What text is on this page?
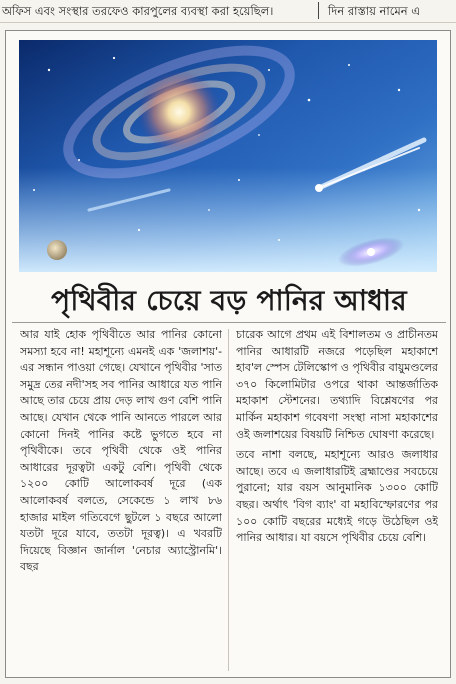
অফিস এবং সংস্থার তরফেও কারপুলের ব্যবস্থা করা হয়েছিল।	দিন রাস্তায় নামেন এ
পৃথিবীর চেয়ে বড় পানির আধার

আর যাই হোক পৃথিবীতে আর পানির কোনো সমস্যা হবে না! মহাশূন্যে এমনই এক 'জলাশয়'-এর সন্ধান পাওয়া গেছে। যেখানে পৃথিবীর 'সাত সমুদ্র তের নদী'সহ সব পানির আধারে যত পানি আছে তার চেয়ে প্রায় দেড় লাখ গুণ বেশি পানি আছে। যেখান থেকে পানি আনতে পারলে আর কোনো দিনই পানির কষ্টে ভুগতে হবে না পৃথিবীকে। তবে পৃথিবী থেকে ওই পানির আধারের দূরত্বটা একটু বেশি। পৃথিবী থেকে ১২০০ কোটি আলোকবর্ষ দূরে (এক আলোকবর্ষ বলতে, সেকেন্ডে ১ লাখ ৮৬ হাজার মাইল গতিবেগে ছুটলে ১ বছরে আলো যতটা দূরে যাবে, ততটা দূরত্ব)। এ খবরটি দিয়েছে বিজ্ঞান জার্নাল 'নেচার অ্যাস্ট্রোনমি'। বছর

চারেক আগে প্রথম এই বিশালতম ও প্রাচীনতম পানির আধারটি নজরে পড়েছিল মহাকাশে হাব'ল স্পেস টেলিস্কোপ ও পৃথিবীর বায়ুমণ্ডলের ৩৭০ কিলোমিটার ওপরে থাকা আন্তর্জাতিক মহাকাশ স্টেশনের। তথ্যাদি বিশ্লেষণের পর মার্কিন মহাকাশ গবেষণা সংস্থা নাসা মহাকাশের ওই জলাশয়ের বিষয়টি নিশ্চিত ঘোষণা করেছে।

তবে নাশা বলছে, মহাশূন্যে আরও জলাধার আছে। তবে এ জলাধারটিই ব্রহ্মাণ্ডের সবচেয়ে পুরানো; যার বয়স আনুমানিক ১৩০০ কোটি বছর। অর্থাৎ 'বিগ ব্যাং' বা মহাবিস্ফোরণের পর ১০০ কোটি বছরের মধ্যেই গড়ে উঠেছিল ওই পানির আধার। যা বয়সে পৃথিবীর চেয়ে বেশি।
